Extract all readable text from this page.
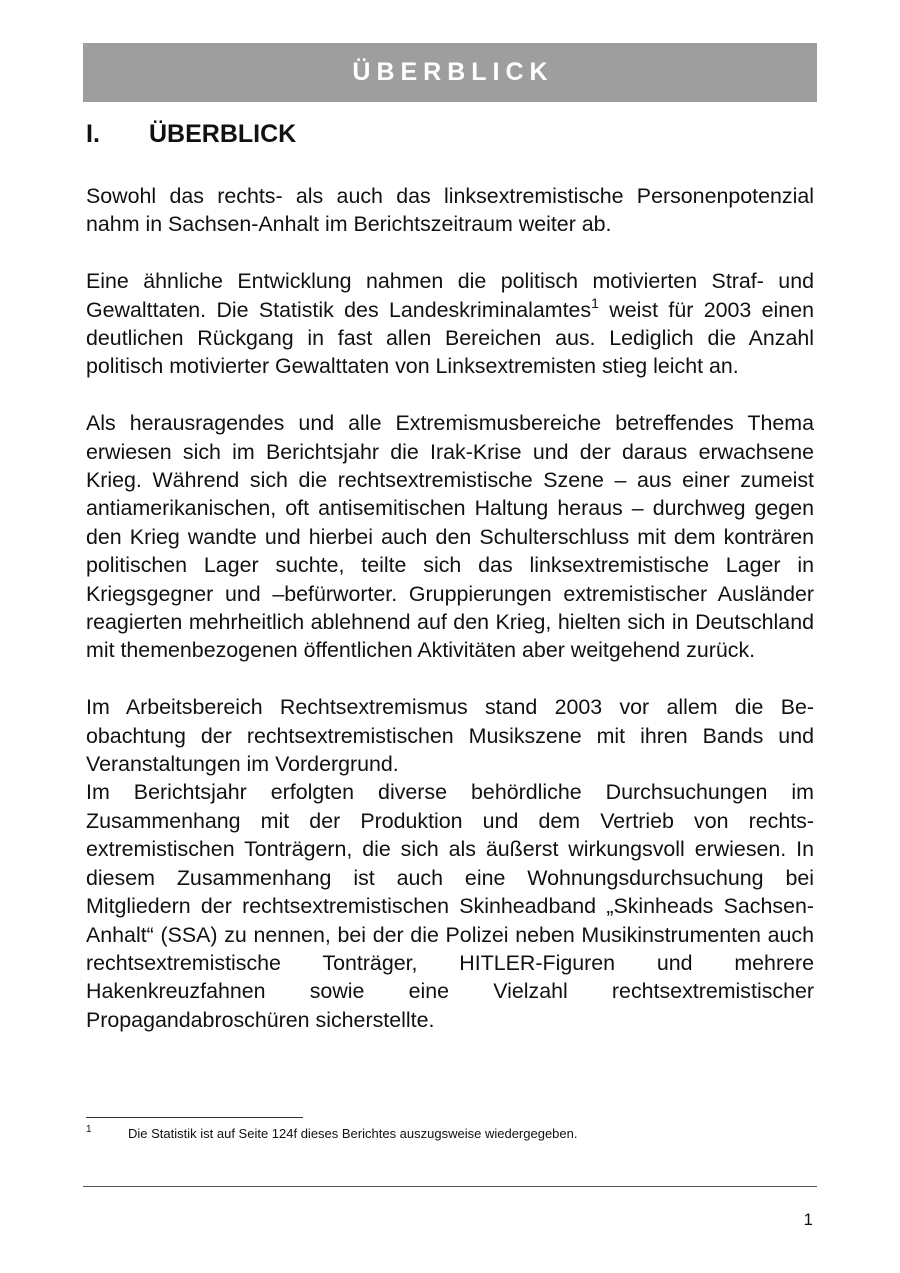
ÜBERBLICK
I.	ÜBERBLICK

Sowohl das rechts- als auch das linksextremistische Personenpotenzial nahm in Sachsen-Anhalt im Berichtszeitraum weiter ab.

Eine ähnliche Entwicklung nahmen die politisch motivierten Straf- und Gewalttaten. Die Statistik des Landeskriminalamtes$^1$ weist für 2003 einen deutlichen Rückgang in fast allen Bereichen aus. Lediglich die Anzahl politisch motivierter Gewalttaten von Linksextremisten stieg leicht an.

Als herausragendes und alle Extremismusbereiche betreffendes Thema erwiesen sich im Berichtsjahr die Irak-Krise und der daraus erwachsene Krieg. Während sich die rechtsextremistische Szene – aus einer zumeist antiamerikanischen, oft antisemitischen Haltung heraus – durchweg gegen den Krieg wandte und hierbei auch den Schulterschluss mit dem konträren politischen Lager suchte, teilte sich das linksextremistische Lager in Kriegsgegner und –befürworter. Gruppierungen extremistischer Ausländer reagierten mehrheitlich ablehnend auf den Krieg, hielten sich in Deutschland mit themenbezogenen öffentlichen Aktivitäten aber weitgehend zurück.

Im Arbeitsbereich Rechtsextremismus stand 2003 vor allem die Beobachtung der rechtsextremistischen Musikszene mit ihren Bands und Veranstaltungen im Vordergrund.

Im Berichtsjahr erfolgten diverse behördliche Durchsuchungen im Zusammenhang mit der Produktion und dem Vertrieb von rechtsextremistischen Tonträgern, die sich als äußerst wirkungsvoll erwiesen. In diesem Zusammenhang ist auch eine Wohnungsdurchsuchung bei Mitgliedern der rechtsextremistischen Skinheadband „Skinheads Sachsen-Anhalt“ (SSA) zu nennen, bei der die Polizei neben Musikinstrumenten auch rechtsextremistische Tonträger, HITLER-Figuren und mehrere Hakenkreuzfahnen sowie eine Vielzahl rechtsextremistischer Propagandabroschüren sicherstellte.

1	Die Statistik ist auf Seite 124f dieses Berichtes auszugsweise wiedergegeben.
1
